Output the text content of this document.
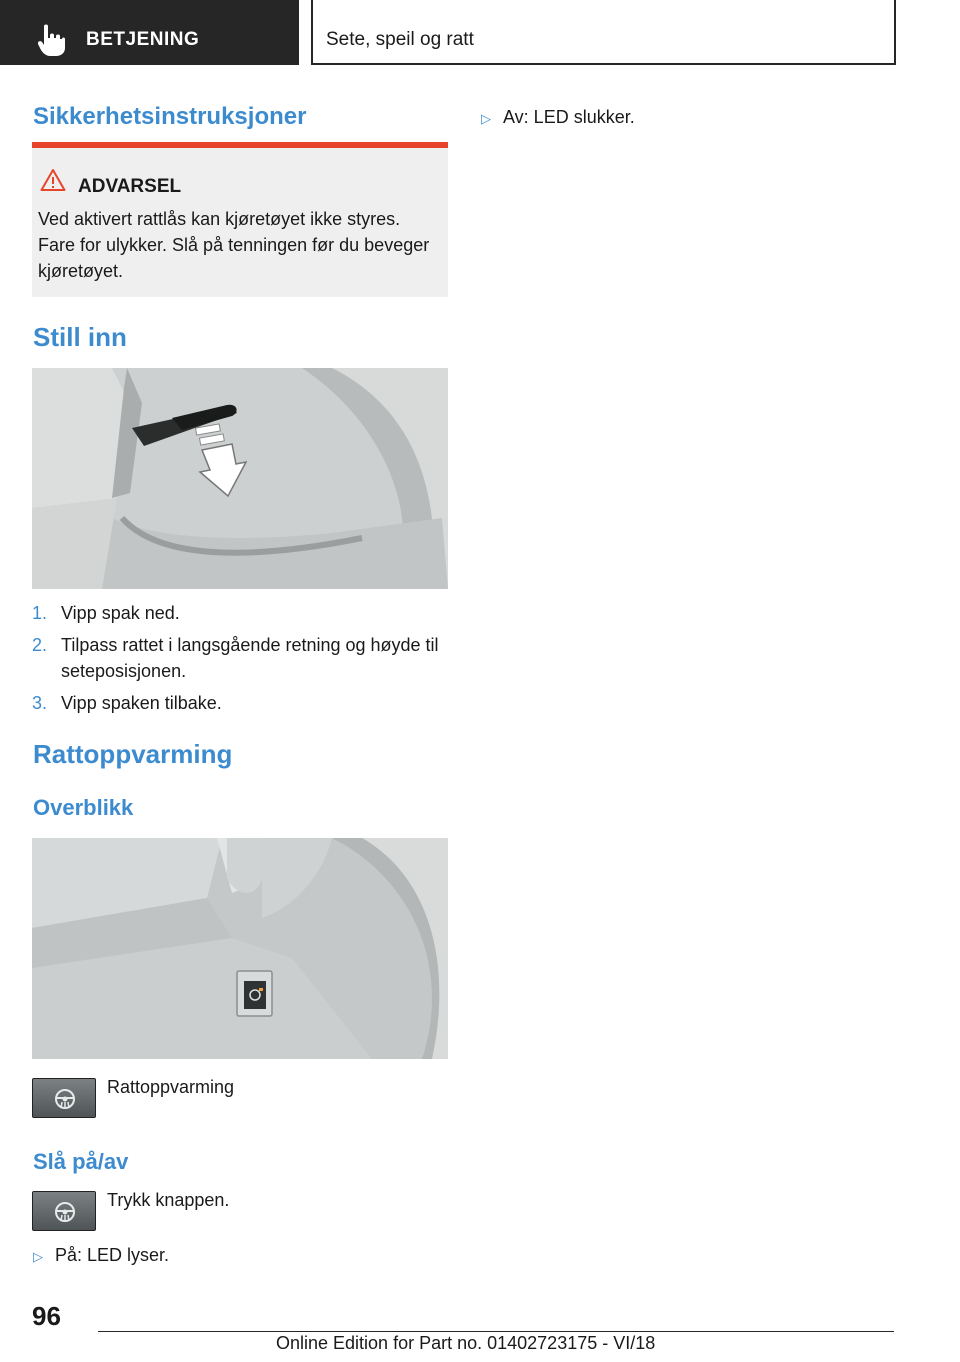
BETJENING	Sete, speil og ratt
Sikkerhetsinstruksjoner
ADVARSEL
Ved aktivert rattlås kan kjøretøyet ikke styres. Fare for ulykker. Slå på tenningen før du beveger kjøretøyet.
Still inn
1. Vipp spak ned.
2. Tilpass rattet i langsgående retning og høyde til seteposisjonen.
3. Vipp spaken tilbake.
Rattoppvarming
Overblikk
Rattoppvarming
Slå på/av
Trykk knappen.
▷ På: LED lyser.
▷ Av: LED slukker.
96
Online Edition for Part no. 01402723175 - VI/18
